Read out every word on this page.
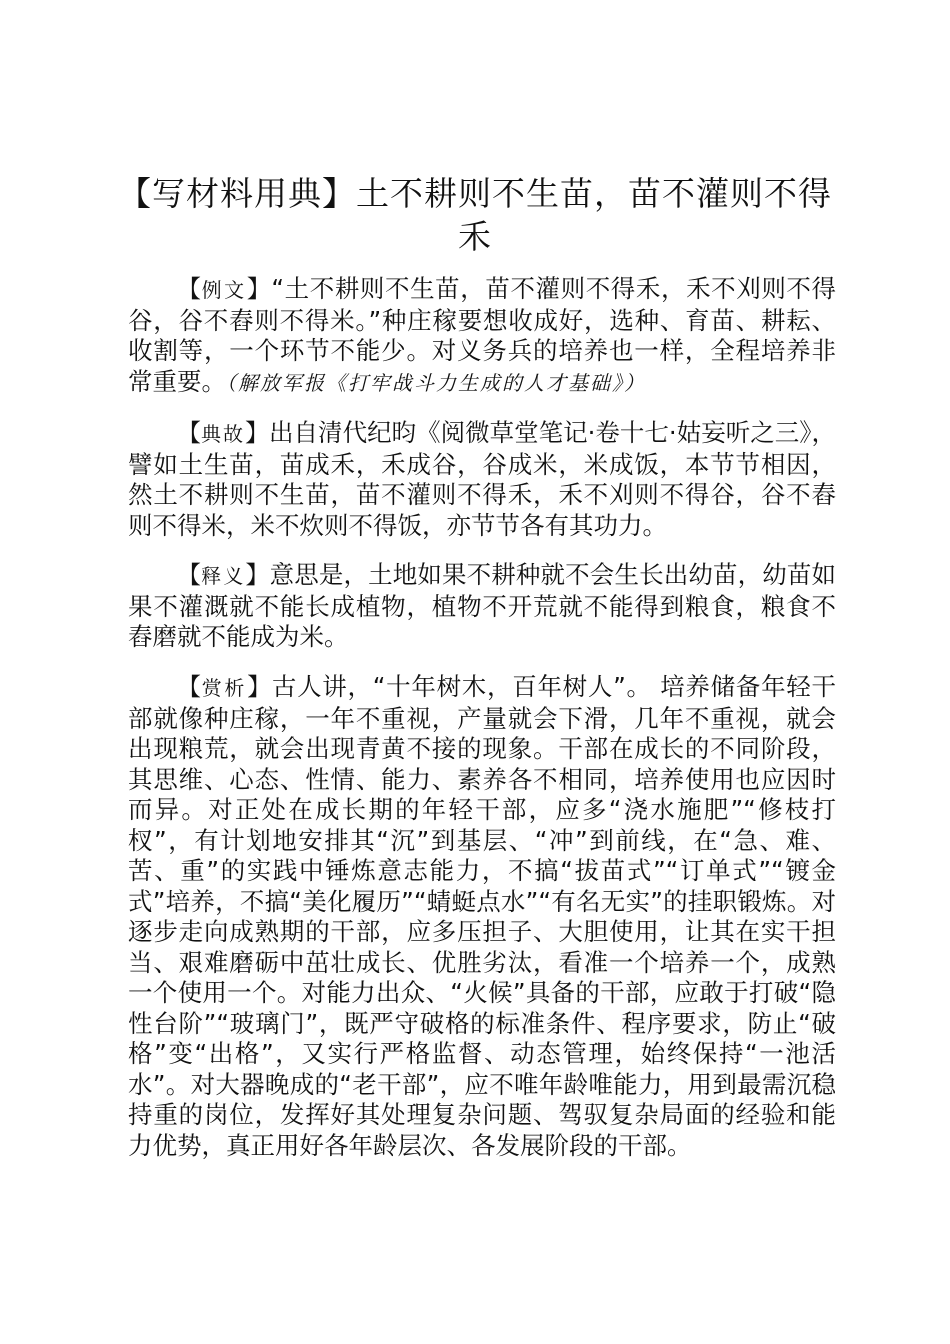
【写材料用典】土不耕则不生苗，苗不灌则不得禾

【例文】“土不耕则不生苗，苗不灌则不得禾，禾不刈则不得谷，谷不舂则不得米。”种庄稼要想收成好，选种、育苗、耕耘、收割等，一个环节不能少。对义务兵的培养也一样，全程培养非常重要。（解放军报《打牢战斗力生成的人才基础》）

【典故】出自清代纪昀《阅微草堂笔记·卷十七·姑妄听之三》，譬如土生苗，苗成禾，禾成谷，谷成米，米成饭，本节节相因，然土不耕则不生苗，苗不灌则不得禾，禾不刈则不得谷，谷不舂则不得米，米不炊则不得饭，亦节节各有其功力。

【释义】意思是，土地如果不耕种就不会生长出幼苗，幼苗如果不灌溉就不能长成植物，植物不开荒就不能得到粮食，粮食不舂磨就不能成为米。

【赏析】古人讲，“十年树木，百年树人”。 培养储备年轻干部就像种庄稼，一年不重视，产量就会下滑，几年不重视，就会出现粮荒，就会出现青黄不接的现象。干部在成长的不同阶段，其思维、心态、性情、能力、素养各不相同，培养使用也应因时而异。对正处在成长期的年轻干部，应多“浇水施肥”“修枝打杈”，有计划地安排其“沉”到基层、“冲”到前线，在“急、难、苦、重”的实践中锤炼意志能力，不搞“拔苗式”“订单式”“镀金式”培养，不搞“美化履历”“蜻蜓点水”“有名无实”的挂职锻炼。对逐步走向成熟期的干部，应多压担子、大胆使用，让其在实干担当、艰难磨砺中茁壮成长、优胜劣汰，看准一个培养一个，成熟一个使用一个。对能力出众、“火候”具备的干部，应敢于打破“隐性台阶”“玻璃门”，既严守破格的标准条件、程序要求，防止“破格”变“出格”，又实行严格监督、动态管理，始终保持“一池活水”。对大器晚成的“老干部”，应不唯年龄唯能力，用到最需沉稳持重的岗位，发挥好其处理复杂问题、驾驭复杂局面的经验和能力优势，真正用好各年龄层次、各发展阶段的干部。
